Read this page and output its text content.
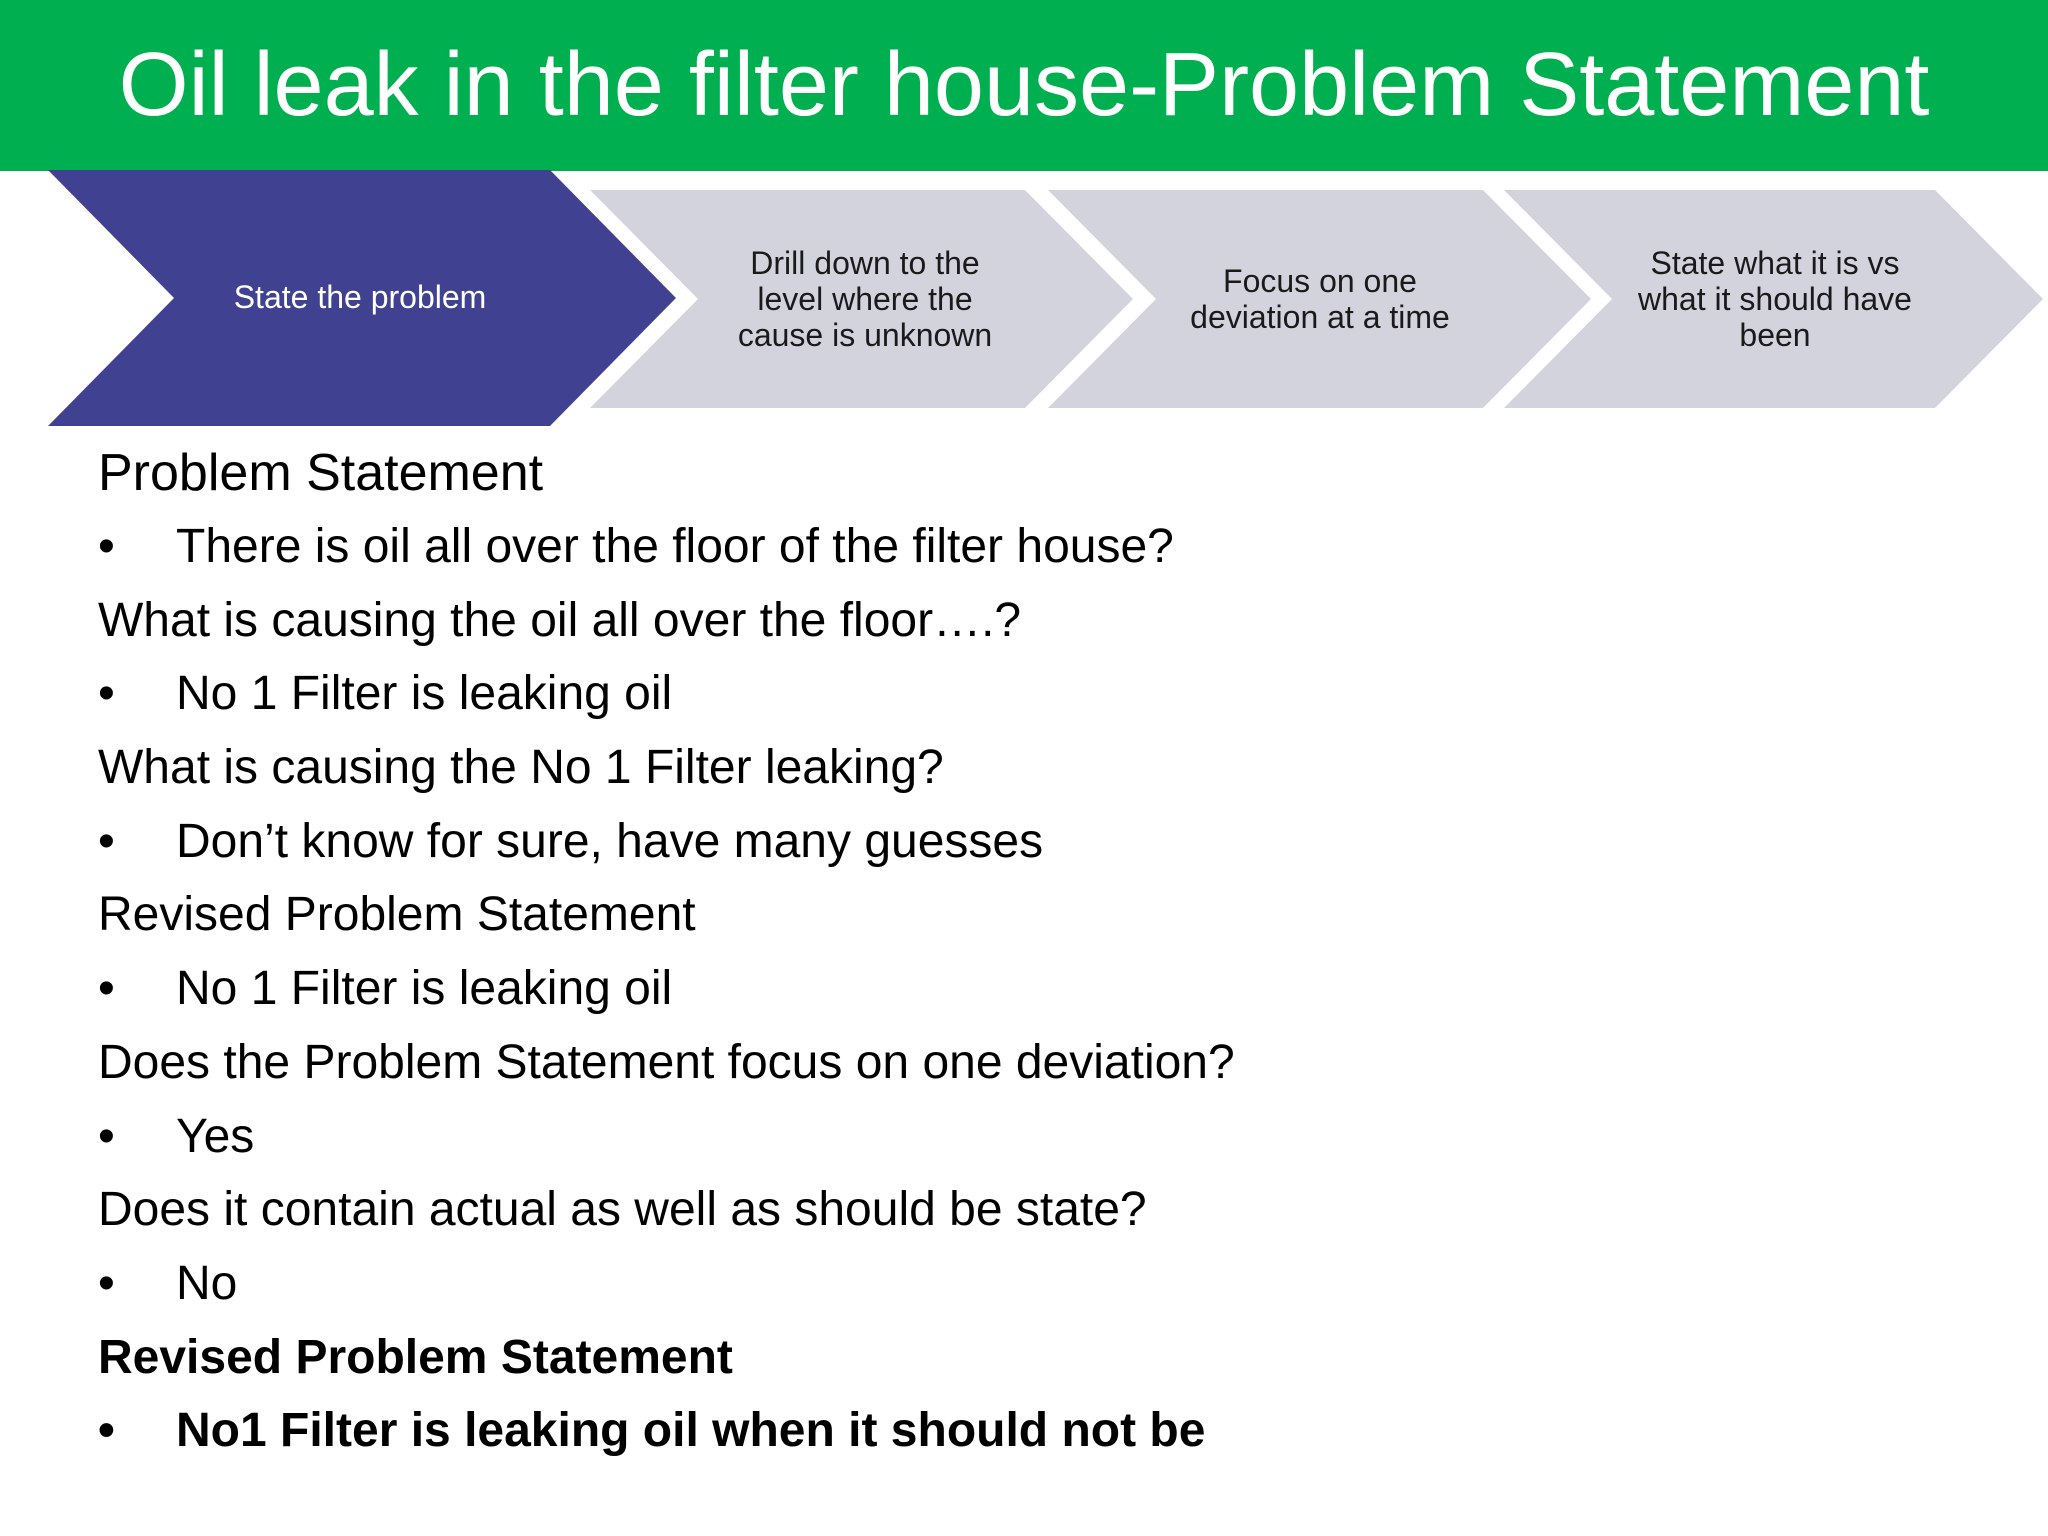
Oil leak in the filter house-Problem Statement
State the problem
Drill down to the
level where the
cause is unknown
Focus on one
deviation at a time
State what it is vs
what it should have
been
Problem Statement
• There is oil all over the floor of the filter house?
What is causing the oil all over the floor….?
• No 1 Filter is leaking oil
What is causing the No 1 Filter leaking?
• Don’t know for sure, have many guesses
Revised Problem Statement
• No 1 Filter is leaking oil
Does the Problem Statement focus on one deviation?
• Yes
Does it contain actual as well as should be state?
• No
Revised Problem Statement
• No1 Filter is leaking oil when it should not be
